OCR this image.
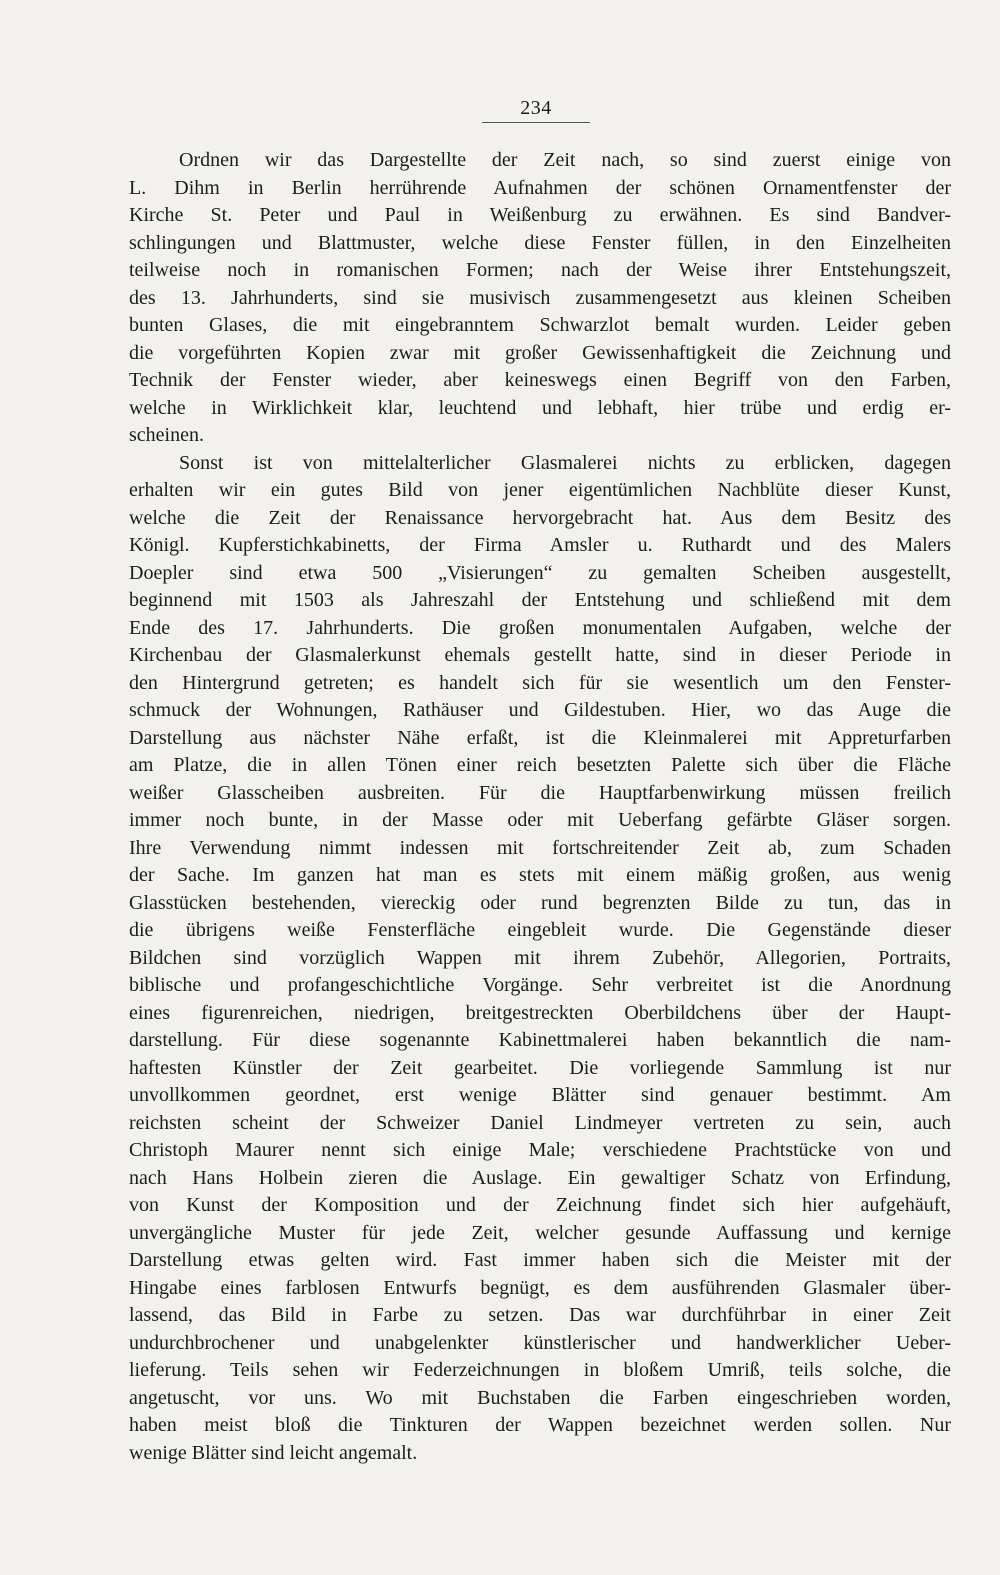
234
Ordnen wir das Dargestellte der Zeit nach, so sind zuerst einige von
L. Dihm in Berlin herrührende Aufnahmen der schönen Ornamentfenster der
Kirche St. Peter und Paul in Weißenburg zu erwähnen. Es sind Bandver-
schlingungen und Blattmuster, welche diese Fenster füllen, in den Einzelheiten
teilweise noch in romanischen Formen; nach der Weise ihrer Entstehungszeit,
des 13. Jahrhunderts, sind sie musivisch zusammengesetzt aus kleinen Scheiben
bunten Glases, die mit eingebranntem Schwarzlot bemalt wurden. Leider geben
die vorgeführten Kopien zwar mit großer Gewissenhaftigkeit die Zeichnung und
Technik der Fenster wieder, aber keineswegs einen Begriff von den Farben,
welche in Wirklichkeit klar, leuchtend und lebhaft, hier trübe und erdig er-
scheinen.
Sonst ist von mittelalterlicher Glasmalerei nichts zu erblicken, dagegen
erhalten wir ein gutes Bild von jener eigentümlichen Nachblüte dieser Kunst,
welche die Zeit der Renaissance hervorgebracht hat. Aus dem Besitz des
Königl. Kupferstichkabinetts, der Firma Amsler u. Ruthardt und des Malers
Doepler sind etwa 500 „Visierungen“ zu gemalten Scheiben ausgestellt,
beginnend mit 1503 als Jahreszahl der Entstehung und schließend mit dem
Ende des 17. Jahrhunderts. Die großen monumentalen Aufgaben, welche der
Kirchenbau der Glasmalerkunst ehemals gestellt hatte, sind in dieser Periode in
den Hintergrund getreten; es handelt sich für sie wesentlich um den Fenster-
schmuck der Wohnungen, Rathäuser und Gildestuben. Hier, wo das Auge die
Darstellung aus nächster Nähe erfaßt, ist die Kleinmalerei mit Appreturfarben
am Platze, die in allen Tönen einer reich besetzten Palette sich über die Fläche
weißer Glasscheiben ausbreiten. Für die Hauptfarbenwirkung müssen freilich
immer noch bunte, in der Masse oder mit Ueberfang gefärbte Gläser sorgen.
Ihre Verwendung nimmt indessen mit fortschreitender Zeit ab, zum Schaden
der Sache. Im ganzen hat man es stets mit einem mäßig großen, aus wenig
Glasstücken bestehenden, viereckig oder rund begrenzten Bilde zu tun, das in
die übrigens weiße Fensterfläche eingebleit wurde. Die Gegenstände dieser
Bildchen sind vorzüglich Wappen mit ihrem Zubehör, Allegorien, Portraits,
biblische und profangeschichtliche Vorgänge. Sehr verbreitet ist die Anordnung
eines figurenreichen, niedrigen, breitgestreckten Oberbildchens über der Haupt-
darstellung. Für diese sogenannte Kabinettmalerei haben bekanntlich die nam-
haftesten Künstler der Zeit gearbeitet. Die vorliegende Sammlung ist nur
unvollkommen geordnet, erst wenige Blätter sind genauer bestimmt. Am
reichsten scheint der Schweizer Daniel Lindmeyer vertreten zu sein, auch
Christoph Maurer nennt sich einige Male; verschiedene Prachtstücke von und
nach Hans Holbein zieren die Auslage. Ein gewaltiger Schatz von Erfindung,
von Kunst der Komposition und der Zeichnung findet sich hier aufgehäuft,
unvergängliche Muster für jede Zeit, welcher gesunde Auffassung und kernige
Darstellung etwas gelten wird. Fast immer haben sich die Meister mit der
Hingabe eines farblosen Entwurfs begnügt, es dem ausführenden Glasmaler über-
lassend, das Bild in Farbe zu setzen. Das war durchführbar in einer Zeit
undurchbrochener und unabgelenkter künstlerischer und handwerklicher Ueber-
lieferung. Teils sehen wir Federzeichnungen in bloßem Umriß, teils solche, die
angetuscht, vor uns. Wo mit Buchstaben die Farben eingeschrieben worden,
haben meist bloß die Tinkturen der Wappen bezeichnet werden sollen. Nur
wenige Blätter sind leicht angemalt.
